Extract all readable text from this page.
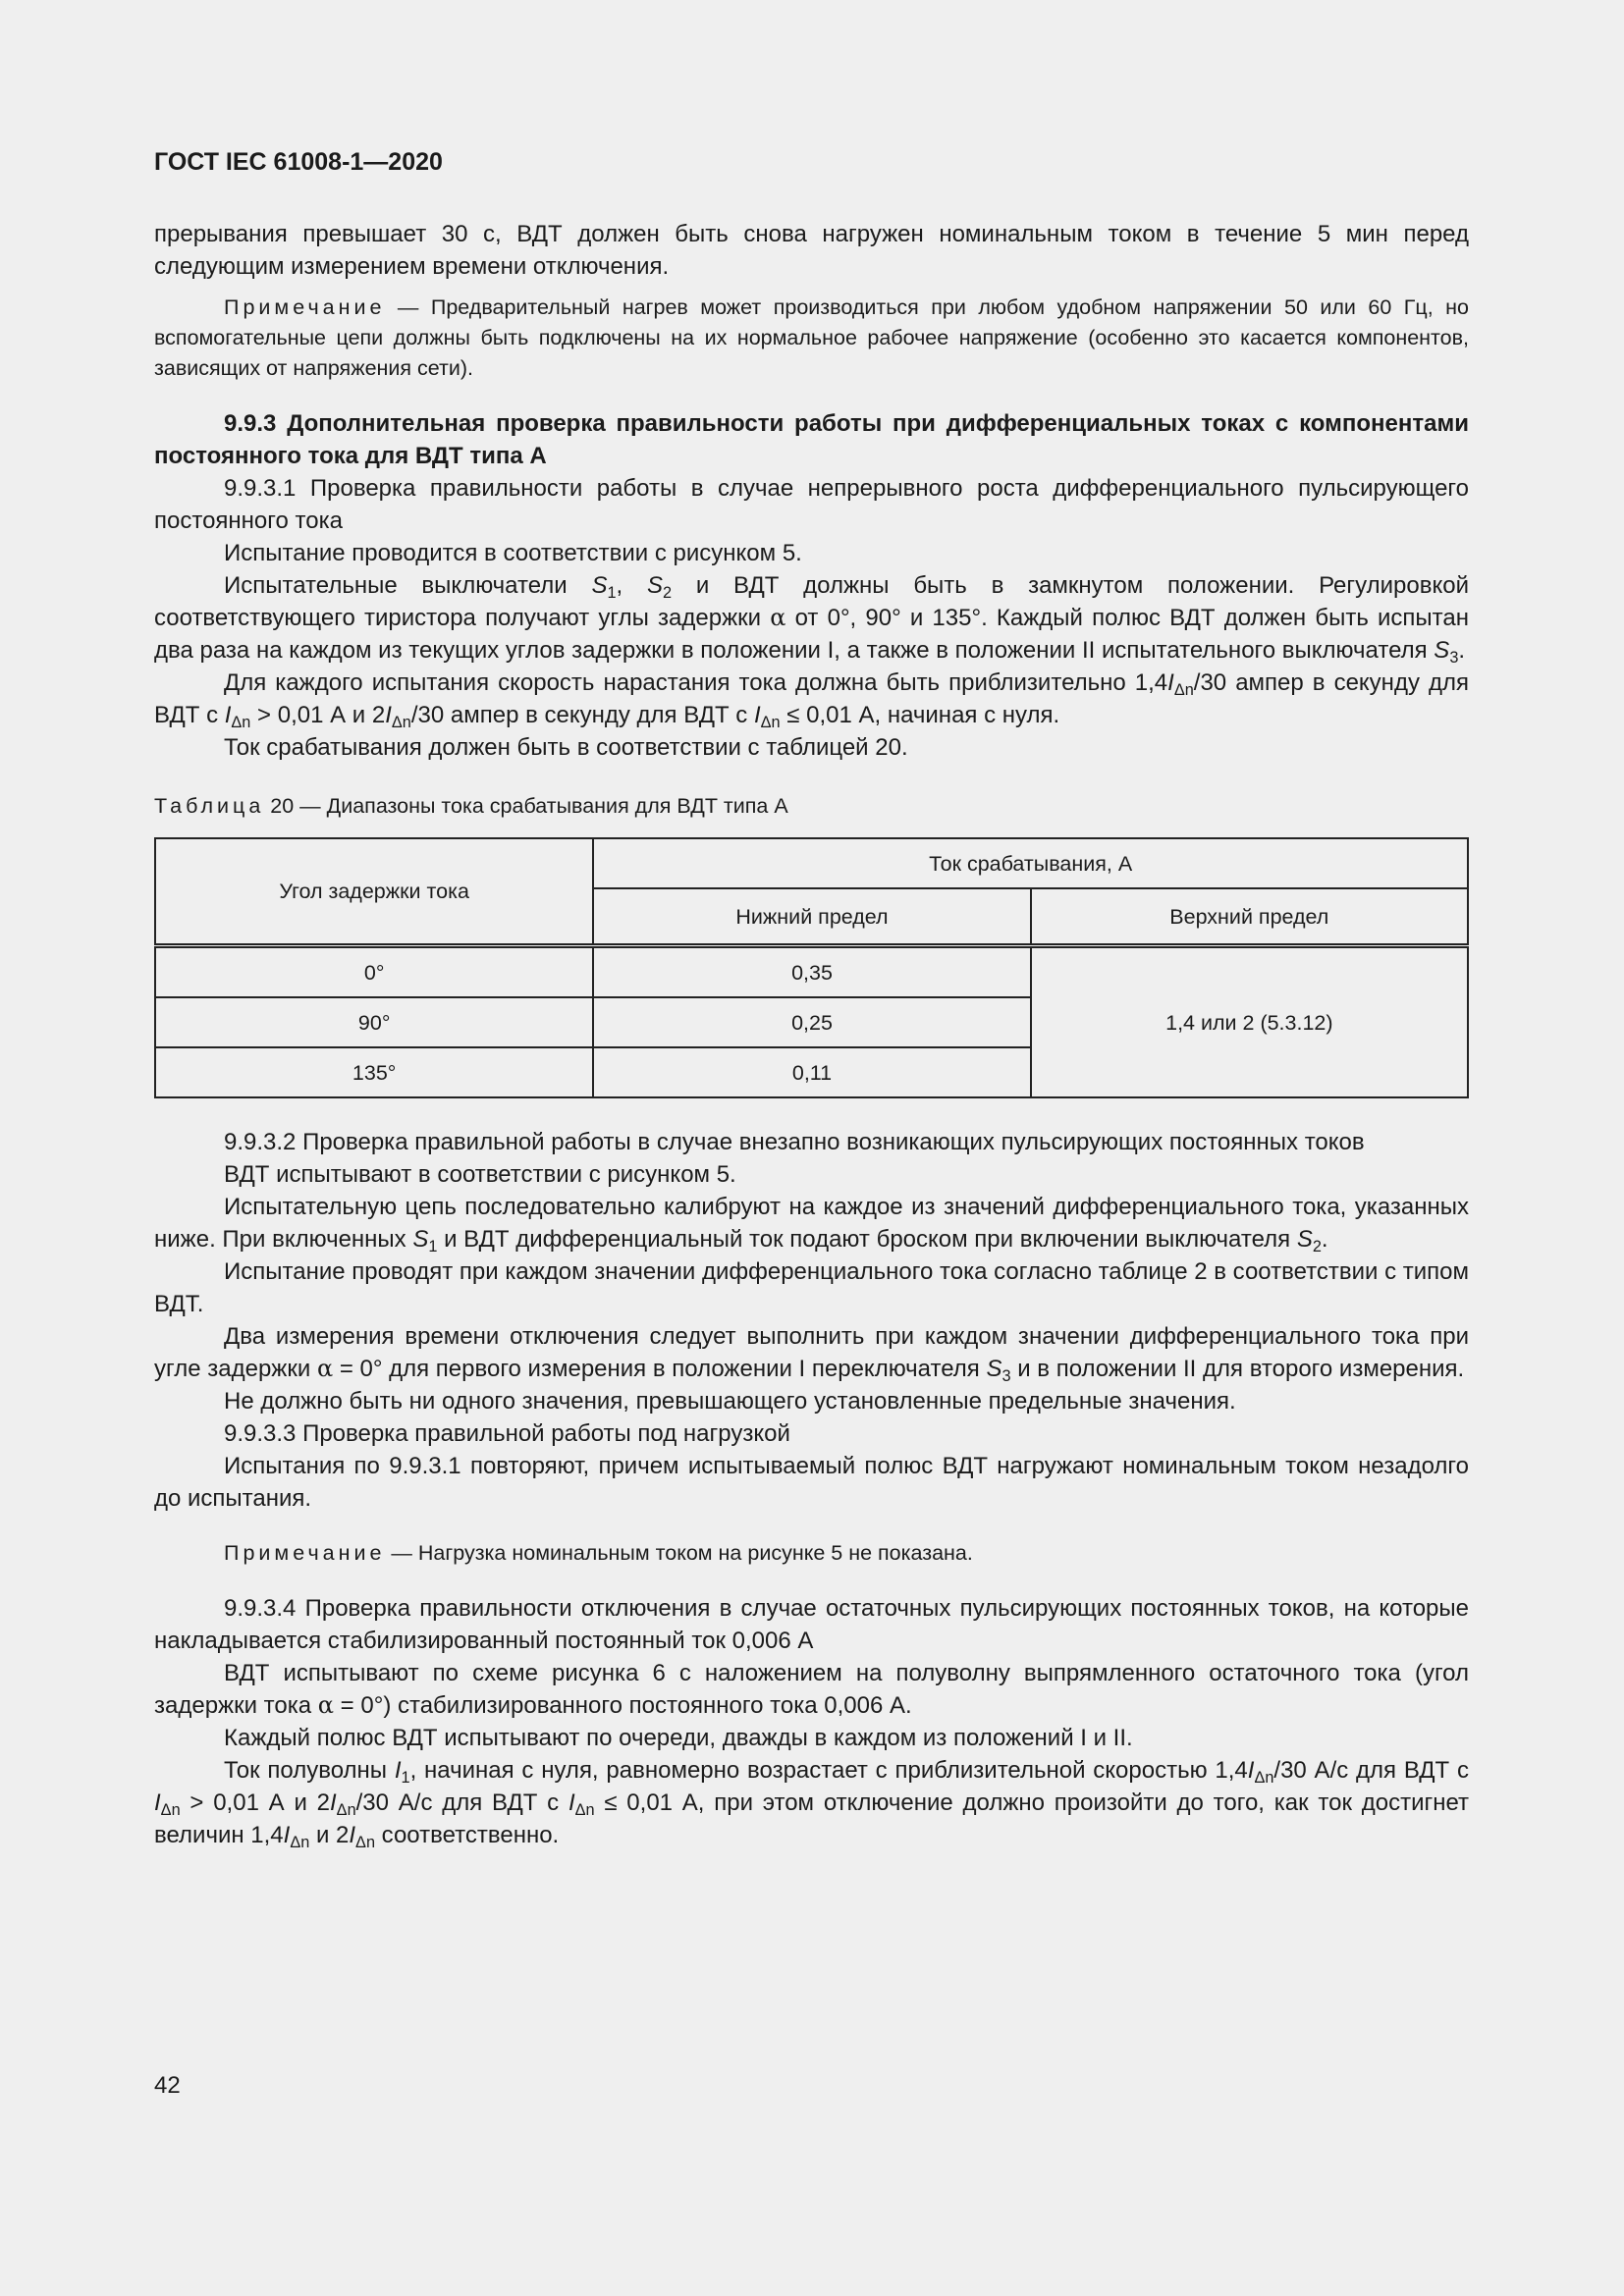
ГОСТ IEC 61008-1—2020

прерывания превышает 30 с, ВДТ должен быть снова нагружен номинальным током в течение 5 мин перед следующим измерением времени отключения.

Примечание — Предварительный нагрев может производиться при любом удобном напряжении 50 или 60 Гц, но вспомогательные цепи должны быть подключены на их нормальное рабочее напряжение (особенно это касается компонентов, зависящих от напряжения сети).

9.9.3 Дополнительная проверка правильности работы при дифференциальных токах с компонентами постоянного тока для ВДТ типа А

9.9.3.1 Проверка правильности работы в случае непрерывного роста дифференциального пульсирующего постоянного тока

Испытание проводится в соответствии с рисунком 5.

Испытательные выключатели $S_1$, $S_2$ и ВДТ должны быть в замкнутом положении. Регулировкой соответствующего тиристора получают углы задержки α от 0°, 90° и 135°. Каждый полюс ВДТ должен быть испытан два раза на каждом из текущих углов задержки в положении I, а также в положении II испытательного выключателя $S_3$.

Для каждого испытания скорость нарастания тока должна быть приблизительно $1,4I_{\Delta n}/30$ ампер в секунду для ВДТ с $I_{\Delta n} > 0,01$ А и $2I_{\Delta n}/30$ ампер в секунду для ВДТ с $I_{\Delta n} \le 0,01$ А, начиная с нуля.

Ток срабатывания должен быть в соответствии с таблицей 20.

Таблица 20 — Диапазоны тока срабатывания для ВДТ типа А

Угол задержки тока	Ток срабатывания, А	
	Нижний предел	Верхний предел
0°	0,35	1,4 или 2 (5.3.12)
90°	0,25	
135°	0,11	

9.9.3.2 Проверка правильной работы в случае внезапно возникающих пульсирующих постоянных токов

ВДТ испытывают в соответствии с рисунком 5.

Испытательную цепь последовательно калибруют на каждое из значений дифференциального тока, указанных ниже. При включенных $S_1$ и ВДТ дифференциальный ток подают броском при включении выключателя $S_2$.

Испытание проводят при каждом значении дифференциального тока согласно таблице 2 в соответствии с типом ВДТ.

Два измерения времени отключения следует выполнить при каждом значении дифференциального тока при угле задержки α = 0° для первого измерения в положении I переключателя $S_3$ и в положении II для второго измерения.

Не должно быть ни одного значения, превышающего установленные предельные значения.

9.9.3.3 Проверка правильной работы под нагрузкой

Испытания по 9.9.3.1 повторяют, причем испытываемый полюс ВДТ нагружают номинальным током незадолго до испытания.

Примечание — Нагрузка номинальным током на рисунке 5 не показана.

9.9.3.4 Проверка правильности отключения в случае остаточных пульсирующих постоянных токов, на которые накладывается стабилизированный постоянный ток 0,006 А

ВДТ испытывают по схеме рисунка 6 с наложением на полуволну выпрямленного остаточного тока (угол задержки тока α = 0°) стабилизированного постоянного тока 0,006 А.

Каждый полюс ВДТ испытывают по очереди, дважды в каждом из положений I и II.

Ток полуволны $I_1$, начиная с нуля, равномерно возрастает с приблизительной скоростью $1,4I_{\Delta n}/30$ А/с для ВДТ с $I_{\Delta n} > 0,01$ А и $2I_{\Delta n}/30$ А/с для ВДТ с $I_{\Delta n} \le 0,01$ А, при этом отключение должно произойти до того, как ток достигнет величин $1,4I_{\Delta n}$ и $2I_{\Delta n}$ соответственно.

42
